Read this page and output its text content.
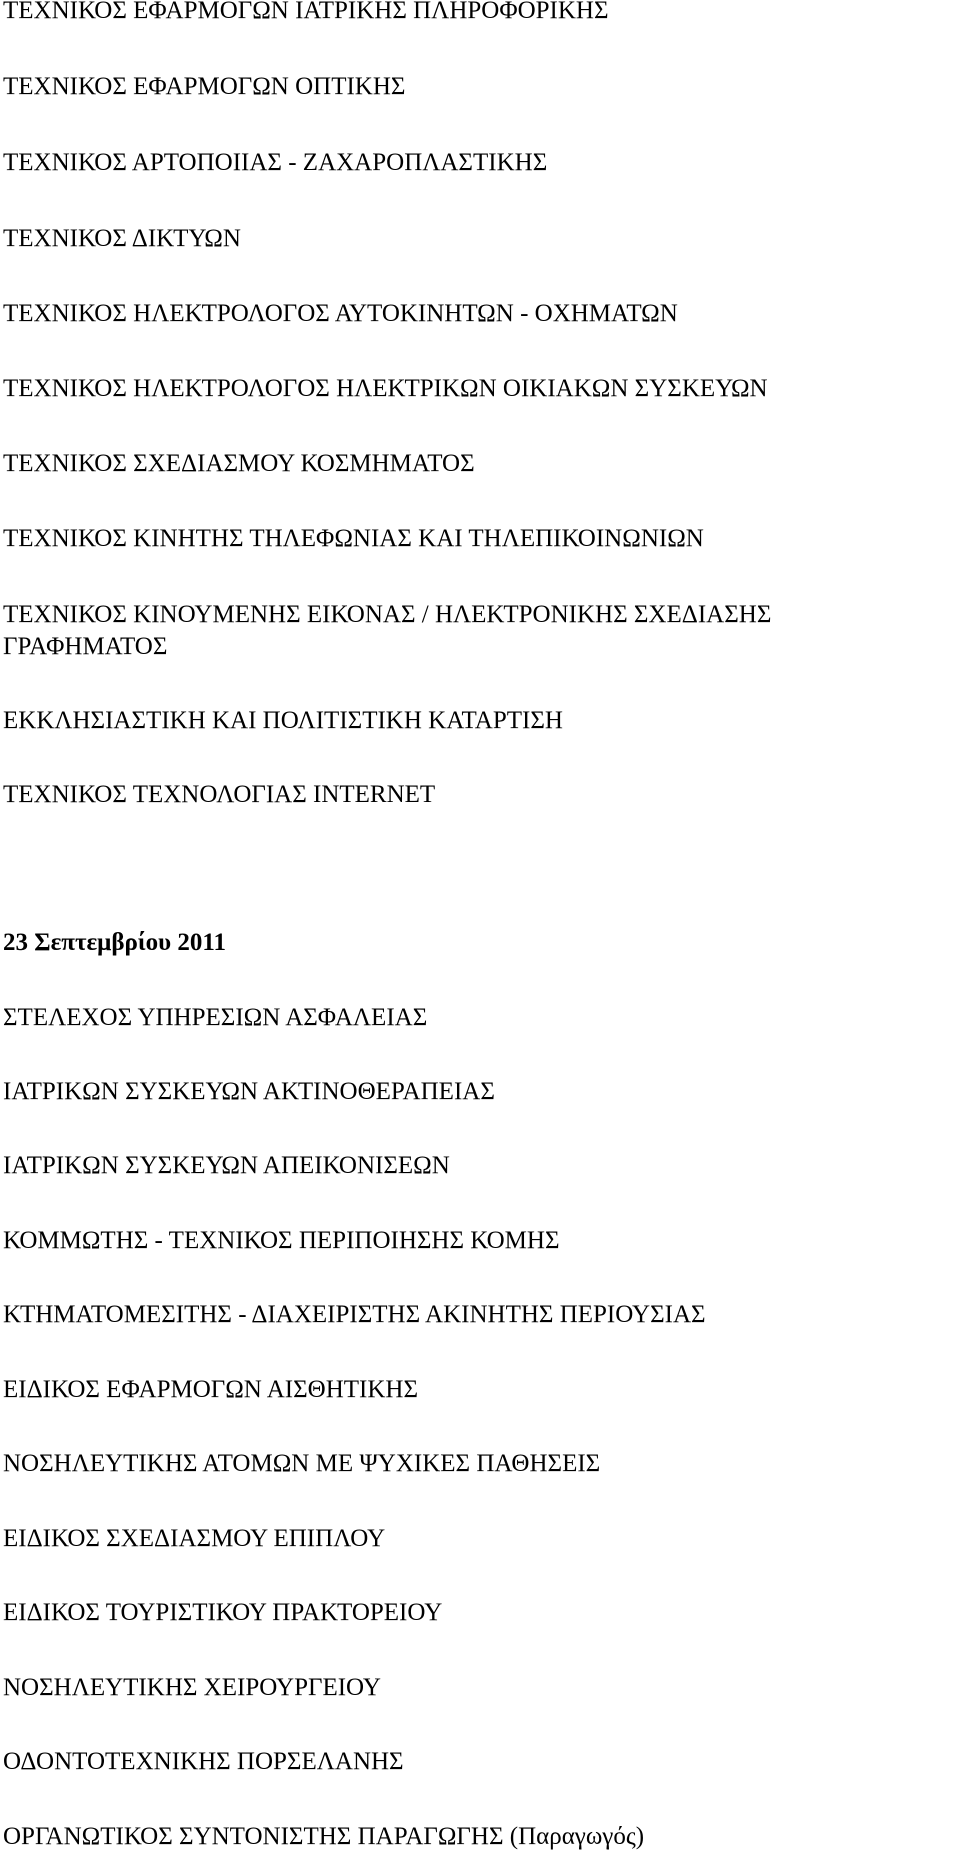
ΤΕΧΝΙΚΟΣ ΕΦΑΡΜΟΓΩΝ ΙΑΤΡΙΚΗΣ ΠΛΗΡΟΦΟΡΙΚΗΣ

ΤΕΧΝΙΚΟΣ ΕΦΑΡΜΟΓΩΝ ΟΠΤΙΚΗΣ

ΤΕΧΝΙΚΟΣ ΑΡΤΟΠΟΙΙΑΣ - ΖΑΧΑΡΟΠΛΑΣΤΙΚΗΣ

ΤΕΧΝΙΚΟΣ ΔΙΚΤΥΩΝ

ΤΕΧΝΙΚΟΣ ΗΛΕΚΤΡΟΛΟΓΟΣ ΑΥΤΟΚΙΝΗΤΩΝ - ΟΧΗΜΑΤΩΝ

ΤΕΧΝΙΚΟΣ ΗΛΕΚΤΡΟΛΟΓΟΣ ΗΛΕΚΤΡΙΚΩΝ ΟΙΚΙΑΚΩΝ ΣΥΣΚΕΥΩΝ

ΤΕΧΝΙΚΟΣ ΣΧΕΔΙΑΣΜΟΥ ΚΟΣΜΗΜΑΤΟΣ

ΤΕΧΝΙΚΟΣ ΚΙΝΗΤΗΣ ΤΗΛΕΦΩΝΙΑΣ ΚΑΙ ΤΗΛΕΠΙΚΟΙΝΩΝΙΩΝ

ΤΕΧΝΙΚΟΣ ΚΙΝΟΥΜΕΝΗΣ ΕΙΚΟΝΑΣ / ΗΛΕΚΤΡΟΝΙΚΗΣ ΣΧΕΔΙΑΣΗΣ

ΓΡΑΦΗΜΑΤΟΣ

ΕΚΚΛΗΣΙΑΣΤΙΚΗ ΚΑΙ ΠΟΛΙΤΙΣΤΙΚΗ ΚΑΤΑΡΤΙΣΗ

ΤΕΧΝΙΚΟΣ ΤΕΧΝΟΛΟΓΙΑΣ INTERNET

23 Σεπτεμβρίου 2011

ΣΤΕΛΕΧΟΣ ΥΠΗΡΕΣΙΩΝ ΑΣΦΑΛΕΙΑΣ

ΙΑΤΡΙΚΩΝ ΣΥΣΚΕΥΩΝ ΑΚΤΙΝΟΘΕΡΑΠΕΙΑΣ

ΙΑΤΡΙΚΩΝ ΣΥΣΚΕΥΩΝ ΑΠΕΙΚΟΝΙΣΕΩΝ

ΚΟΜΜΩΤΗΣ - ΤΕΧΝΙΚΟΣ ΠΕΡΙΠΟΙΗΣΗΣ ΚΟΜΗΣ

ΚΤΗΜΑΤΟΜΕΣΙΤΗΣ - ΔΙΑΧΕΙΡΙΣΤΗΣ ΑΚΙΝΗΤΗΣ ΠΕΡΙΟΥΣΙΑΣ

ΕΙΔΙΚΟΣ ΕΦΑΡΜΟΓΩΝ ΑΙΣΘΗΤΙΚΗΣ

ΝΟΣΗΛΕΥΤΙΚΗΣ ΑΤΟΜΩΝ ΜΕ ΨΥΧΙΚΕΣ ΠΑΘΗΣΕΙΣ

ΕΙΔΙΚΟΣ ΣΧΕΔΙΑΣΜΟΥ ΕΠΙΠΛΟΥ

ΕΙΔΙΚΟΣ ΤΟΥΡΙΣΤΙΚΟΥ ΠΡΑΚΤΟΡΕΙΟΥ

ΝΟΣΗΛΕΥΤΙΚΗΣ ΧΕΙΡΟΥΡΓΕΙΟΥ

ΟΔΟΝΤΟΤΕΧΝΙΚΗΣ ΠΟΡΣΕΛΑΝΗΣ

ΟΡΓΑΝΩΤΙΚΟΣ ΣΥΝΤΟΝΙΣΤΗΣ ΠΑΡΑΓΩΓΗΣ (Παραγωγός)
